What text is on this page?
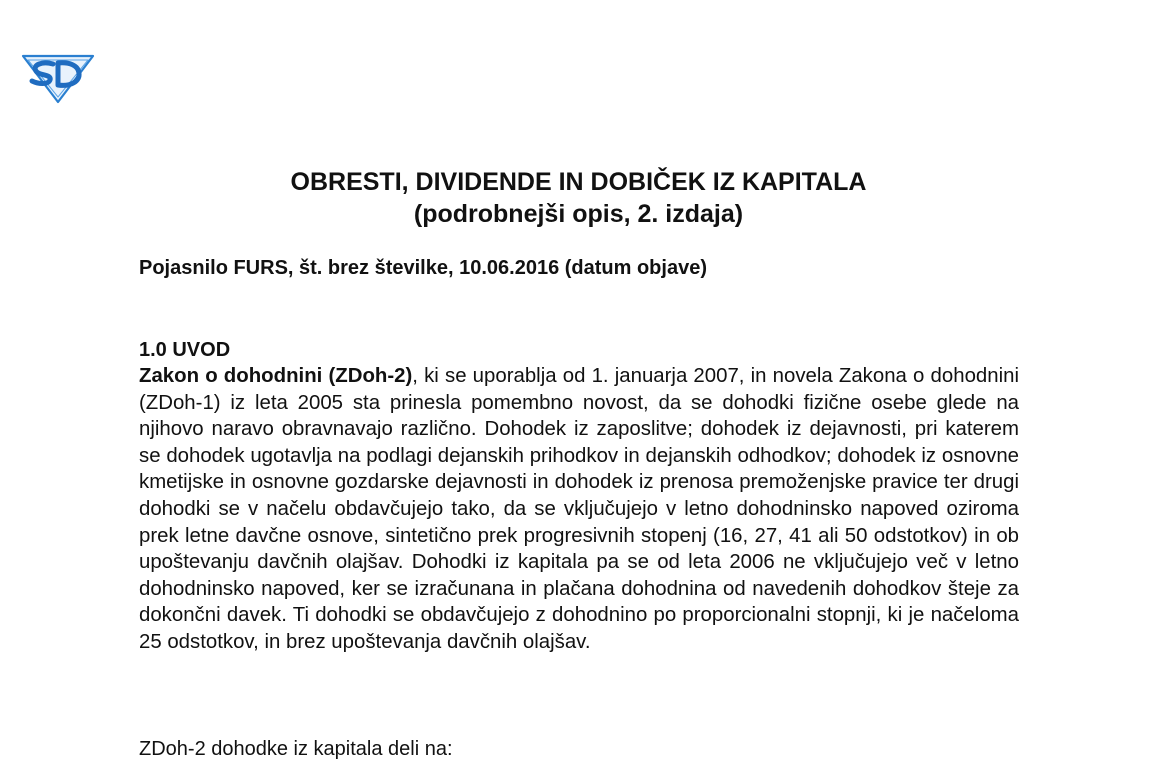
OBRESTI, DIVIDENDE IN DOBIČEK IZ KAPITALA
(podrobnejši opis, 2. izdaja)
Pojasnilo FURS, št. brez številke, 10.06.2016 (datum objave)
1.0 UVOD
Zakon o dohodnini (ZDoh-2), ki se uporablja od 1. januarja 2007, in novela Zakona o dohodnini (ZDoh-1) iz leta 2005 sta prinesla pomembno novost, da se dohodki fizične osebe glede na njihovo naravo obravnavajo različno. Dohodek iz zaposlitve; dohodek iz dejavnosti, pri katerem se dohodek ugotavlja na podlagi dejanskih prihodkov in dejanskih odhodkov; dohodek iz osnovne kmetijske in osnovne gozdarske dejavnosti in dohodek iz prenosa premoženjske pravice ter drugi dohodki se v načelu obdavčujejo tako, da se vključujejo v letno dohodninsko napoved oziroma prek letne davčne osnove, sintetično prek progresivnih stopenj (16, 27, 41 ali 50 odstotkov) in ob upoštevanju davčnih olajšav. Dohodki iz kapitala pa se od leta 2006 ne vključujejo več v letno dohodninsko napoved, ker se izračunana in plačana dohodnina od navedenih dohodkov šteje za dokončni davek. Ti dohodki se obdavčujejo z dohodnino po proporcionalni stopnji, ki je načeloma 25 odstotkov, in brez upoštevanja davčnih olajšav.
ZDoh-2 dohodke iz kapitala deli na:
